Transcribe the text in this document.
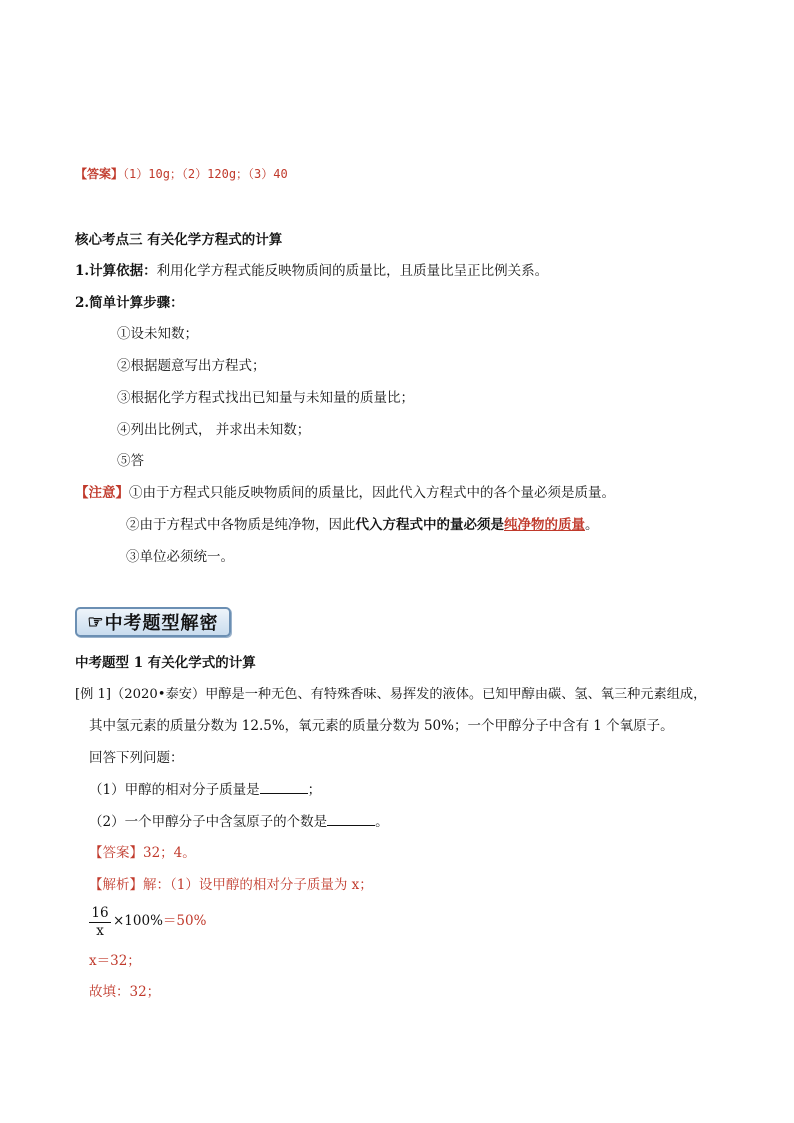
【答案】（1）10g；（2）120g；（3）40
核心考点三 有关化学方程式的计算
1.计算依据：利用化学方程式能反映物质间的质量比，且质量比呈正比例关系。
2.简单计算步骤：
①设未知数；
②根据题意写出方程式；
③根据化学方程式找出已知量与未知量的质量比；
④列出比例式， 并求出未知数；
⑤答
【注意】①由于方程式只能反映物质间的质量比，因此代入方程式中的各个量必须是质量。
②由于方程式中各物质是纯净物，因此代入方程式中的量必须是纯净物的质量。
③单位必须统一。
☞ 中考题型解密
中考题型 1 有关化学式的计算
[例 1]（2020•泰安）甲醇是一种无色、有特殊香味、易挥发的液体。已知甲醇由碳、氢、氧三种元素组成，
其中氢元素的质量分数为 12.5%，氧元素的质量分数为 50%；一个甲醇分子中含有 1 个氧原子。
回答下列问题：
（1）甲醇的相对分子质量是	；
（2）一个甲醇分子中含氢原子的个数是	。
【答案】32；4。
【解析】解：（1）设甲醇的相对分子质量为 x；
$\frac{16}{x} \times 100\%=50\%$
x＝32；
故填：32；
